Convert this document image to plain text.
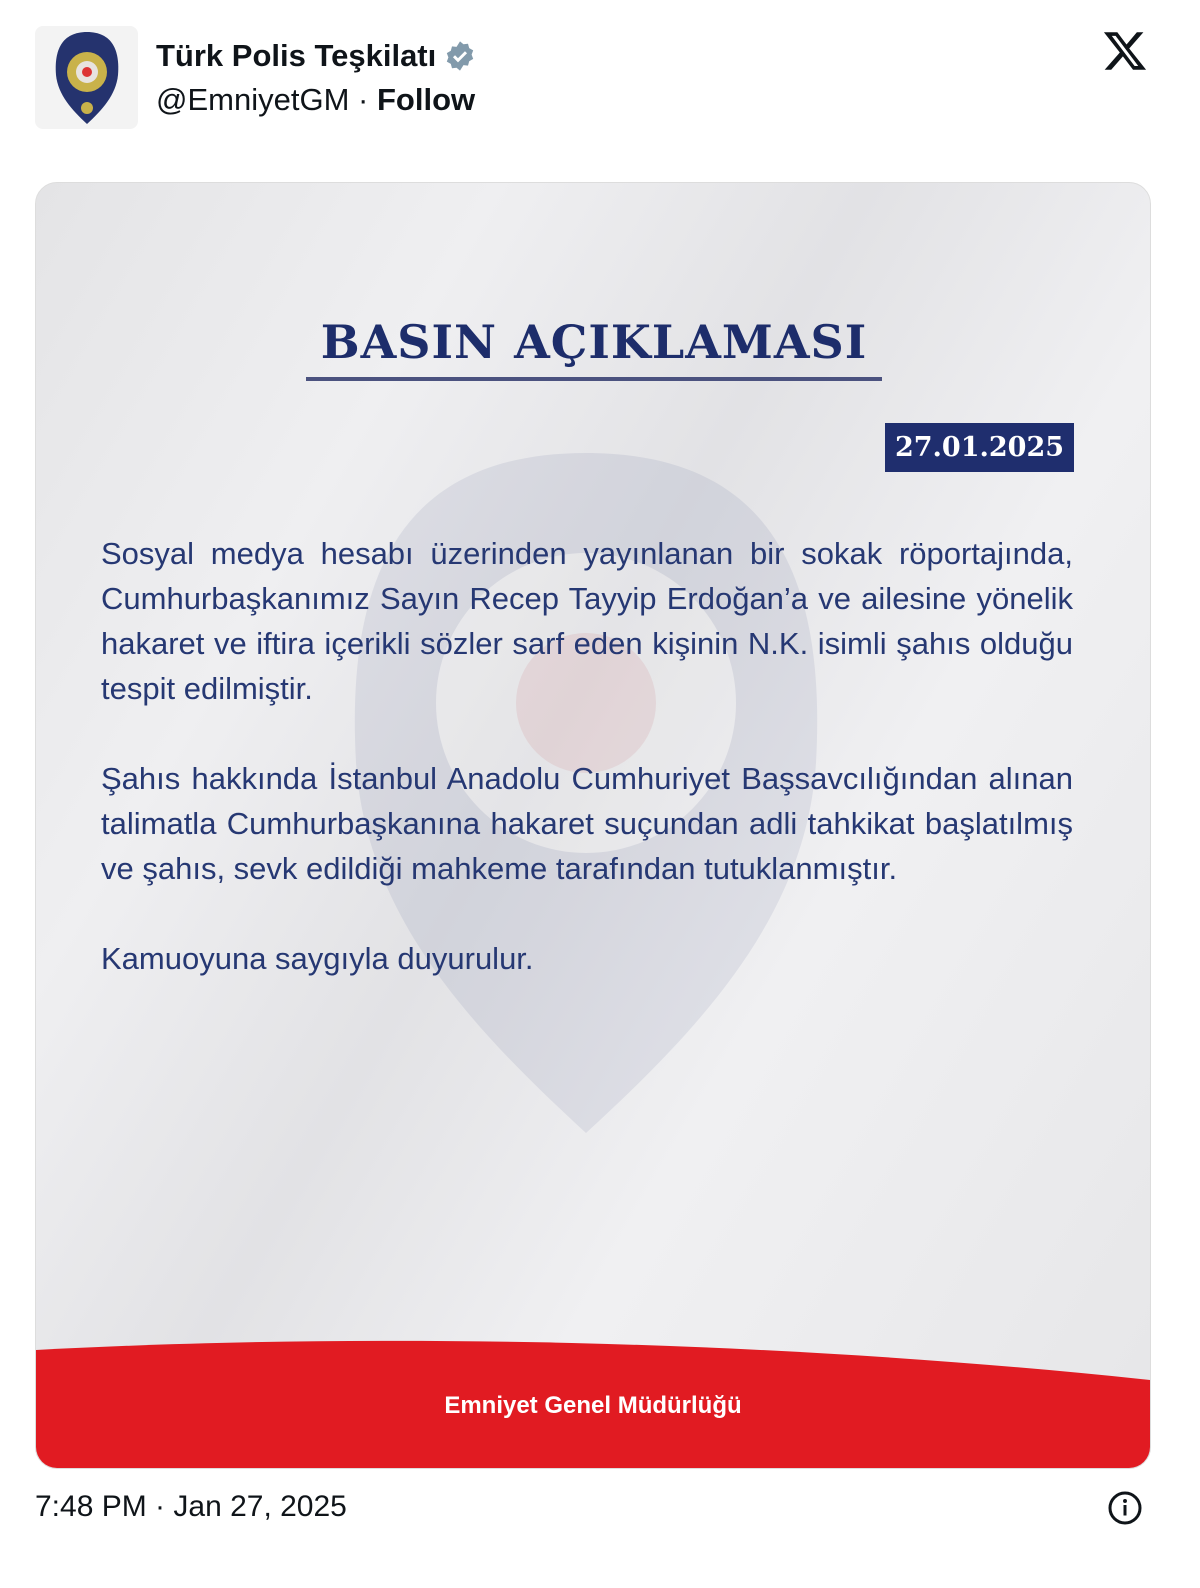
Türk Polis Teşkilatı
@EmniyetGM · Follow
BASIN AÇIKLAMASI
27.01.2025

Sosyal medya hesabı üzerinden yayınlanan bir sokak röportajında, Cumhurbaşkanımız Sayın Recep Tayyip Erdoğan’a ve ailesine yönelik hakaret ve iftira içerikli sözler sarf eden kişinin N.K. isimli şahıs olduğu tespit edilmiştir.

Şahıs hakkında İstanbul Anadolu Cumhuriyet Başsavcılığından alınan talimatla Cumhurbaşkanına hakaret suçundan adli tahkikat başlatılmış ve şahıs, sevk edildiği mahkeme tarafından tutuklanmıştır.

Kamuoyuna saygıyla duyurulur.

Emniyet Genel Müdürlüğü
7:48 PM · Jan 27, 2025
